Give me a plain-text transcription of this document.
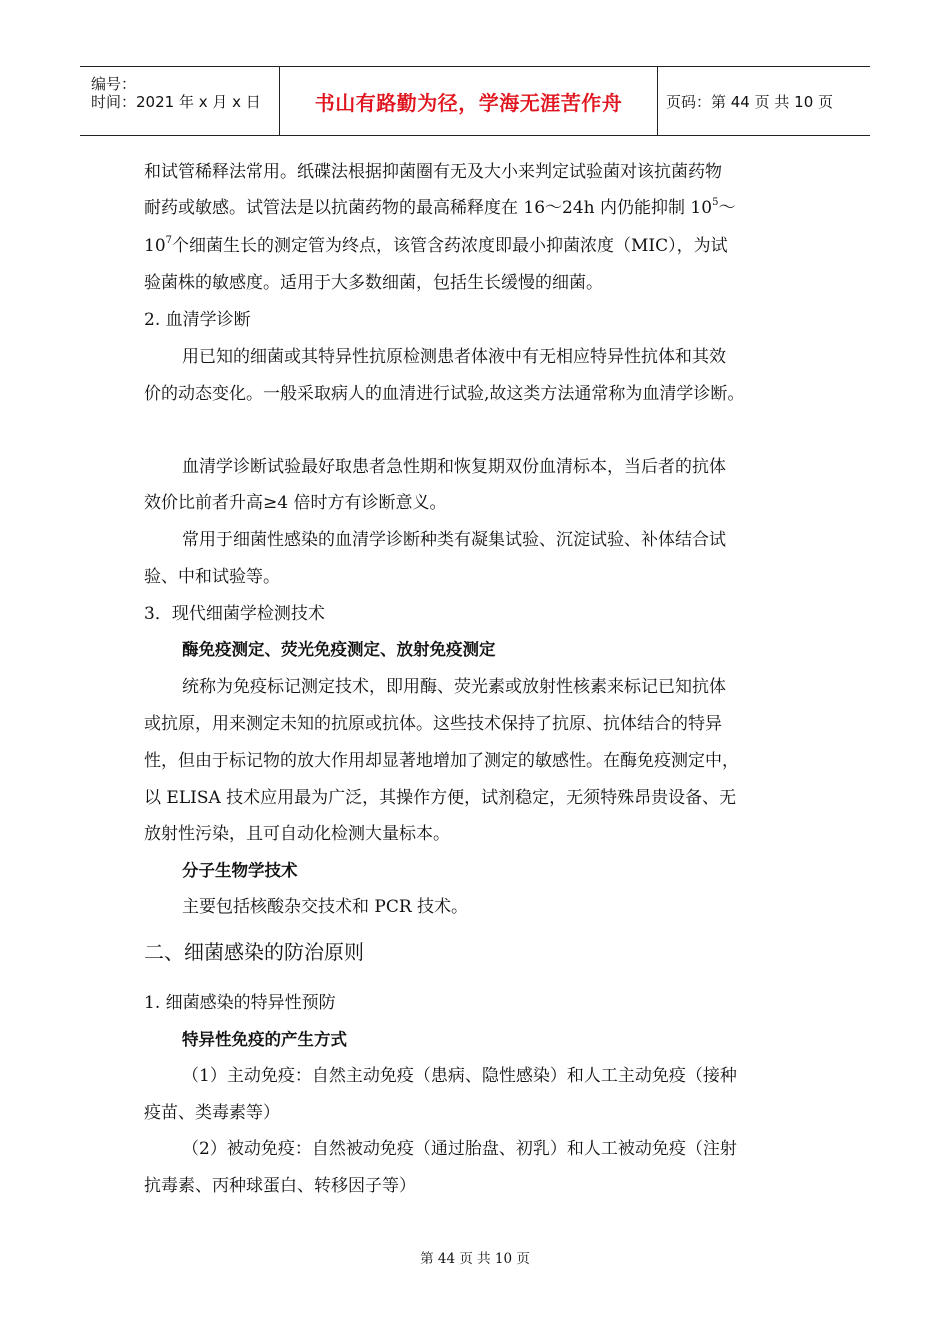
编号：
时间：2021 年 x 月 x 日	书山有路勤为径，学海无涯苦作舟	页码：第 44 页 共 10 页
和试管稀释法常用。纸碟法根据抑菌圈有无及大小来判定试验菌对该抗菌药物
耐药或敏感。试管法是以抗菌药物的最高稀释度在 16～24h 内仍能抑制 $10^5\sim$
$10^7$个细菌生长的测定管为终点，该管含药浓度即最小抑菌浓度（MIC），为试
验菌株的敏感度。适用于大多数细菌，包括生长缓慢的细菌。
2. 血清学诊断
用已知的细菌或其特异性抗原检测患者体液中有无相应特异性抗体和其效
价的动态变化。一般采取病人的血清进行试验,故这类方法通常称为血清学诊断。
血清学诊断试验最好取患者急性期和恢复期双份血清标本，当后者的抗体
效价比前者升高≥4 倍时方有诊断意义。
常用于细菌性感染的血清学诊断种类有凝集试验、沉淀试验、补体结合试
验、中和试验等。
3．现代细菌学检测技术
酶免疫测定、荧光免疫测定、放射免疫测定
统称为免疫标记测定技术，即用酶、荧光素或放射性核素来标记已知抗体
或抗原，用来测定未知的抗原或抗体。这些技术保持了抗原、抗体结合的特异
性，但由于标记物的放大作用却显著地增加了测定的敏感性。在酶免疫测定中，
以 ELISA 技术应用最为广泛，其操作方便，试剂稳定，无须特殊昂贵设备、无
放射性污染，且可自动化检测大量标本。
分子生物学技术
主要包括核酸杂交技术和 PCR 技术。
二、细菌感染的防治原则
1. 细菌感染的特异性预防
特异性免疫的产生方式
（1）主动免疫：自然主动免疫（患病、隐性感染）和人工主动免疫（接种
疫苗、类毒素等）
（2）被动免疫：自然被动免疫（通过胎盘、初乳）和人工被动免疫（注射
抗毒素、丙种球蛋白、转移因子等）
第 44 页 共 10 页
